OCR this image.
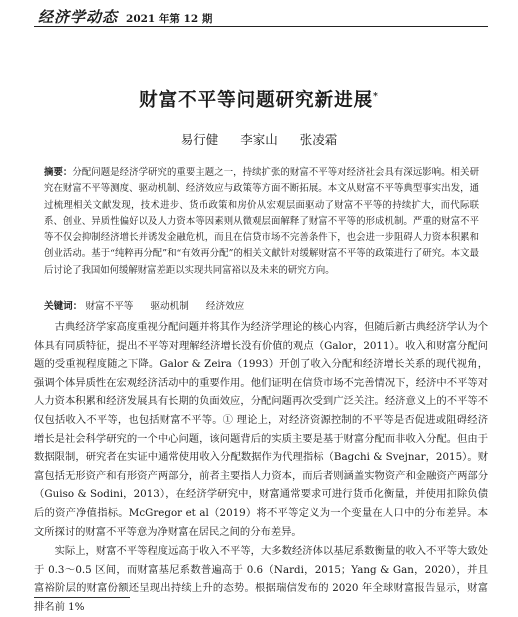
经济学动态 2021 年第 12 期
财富不平等问题研究新进展*
易行健 李家山 张凌霜
摘要：分配问题是经济学研究的重要主题之一，持续扩张的财富不平等对经济社会具有深远影响。相关研究在财富不平等测度、驱动机制、经济效应与政策等方面不断拓展。本文从财富不平等典型事实出发，通过梳理相关文献发现，技术进步、货币政策和房价从宏观层面驱动了财富不平等的持续扩大，而代际联系、创业、异质性偏好以及人力资本等因素则从微观层面解释了财富不平等的形成机制。严重的财富不平等不仅会抑制经济增长并诱发金融危机，而且在信贷市场不完善条件下，也会进一步阻碍人力资本积累和创业活动。基于“纯粹再分配”和“有效再分配”的相关文献针对缓解财富不平等的政策进行了研究。本文最后讨论了我国如何缓解财富差距以实现共同富裕以及未来的研究方向。
关键词： 财富不平等 驱动机制 经济效应

古典经济学家高度重视分配问题并将其作为经济学理论的核心内容，但随后新古典经济学认为个体具有同质特征，提出不平等对理解经济增长没有价值的观点（Galor，2011）。收入和财富分配问题的受重视程度随之下降。Galor & Zeira（1993）开创了收入分配和经济增长关系的现代视角，强调个体异质性在宏观经济活动中的重要作用。他们证明在信贷市场不完善情况下，经济中不平等对人力资本积累和经济发展具有长期的负面效应，分配问题再次受到广泛关注。经济意义上的不平等不仅包括收入不平等，也包括财富不平等。① 理论上，对经济资源控制的不平等是否促进或阻碍经济增长是社会科学研究的一个中心问题，该问题背后的实质主要是基于财富分配而非收入分配。但由于数据限制，研究者在实证中通常使用收入分配数据作为代理指标（Bagchi & Svejnar，2015）。财富包括无形资产和有形资产两部分，前者主要指人力资本，而后者则涵盖实物资产和金融资产两部分（Guiso & Sodini，2013），在经济学研究中，财富通常要求可进行货币化衡量，并使用扣除负债后的资产净值指标。McGregor et al（2019）将不平等定义为一个变量在人口中的分布差异。本文所探讨的财富不平等意为净财富在居民之间的分布差异。

实际上，财富不平等程度远高于收入不平等，大多数经济体以基尼系数衡量的收入不平等大致处于 0.3～0.5 区间，而财富基尼系数普遍高于 0.6（Nardi，2015；Yang & Gan，2020），并且富裕阶层的财富份额还呈现出持续上升的态势。根据瑞信发布的 2020 年全球财富报告显示，财富排名前 1%
